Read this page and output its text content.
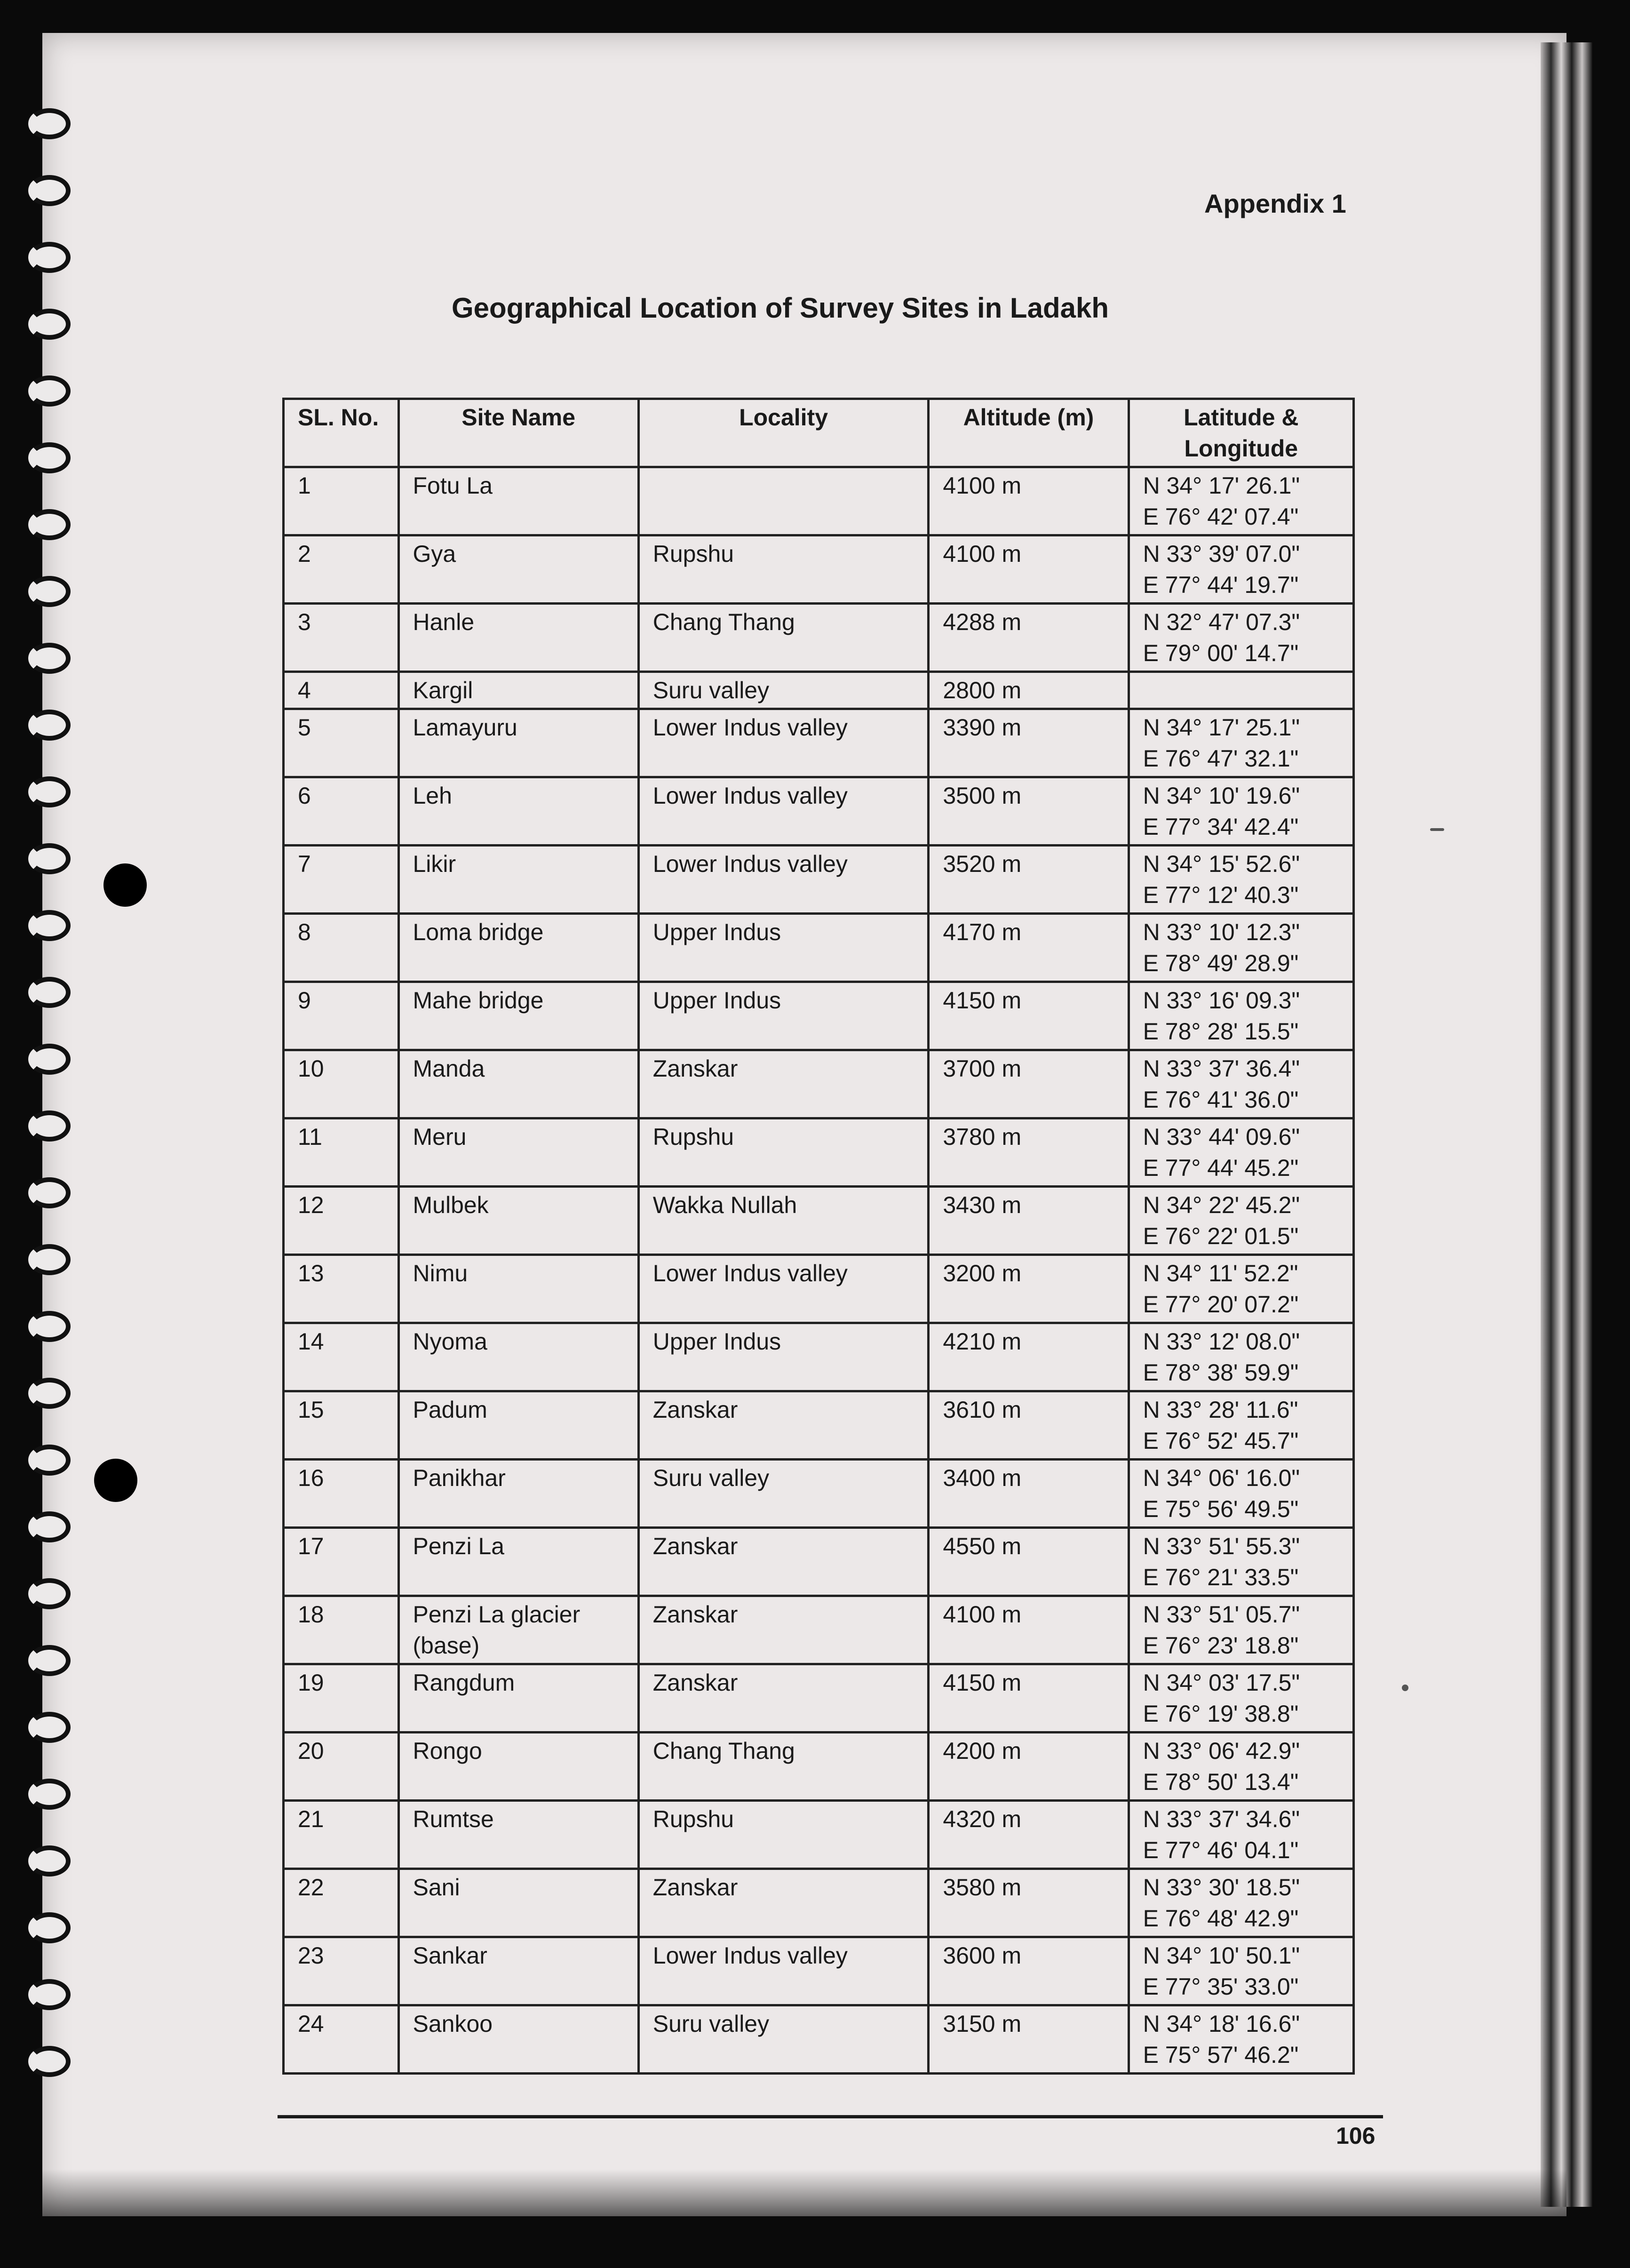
Appendix 1
Geographical Location of Survey Sites in Ladakh
SL. No.	Site Name	Locality	Altitude (m)	Latitude &
Longitude
1	Fotu La		4100 m	N 34° 17' 26.1"
E 76° 42' 07.4"
2	Gya	Rupshu	4100 m	N 33° 39' 07.0"
E 77° 44' 19.7"
3	Hanle	Chang Thang	4288 m	N 32° 47' 07.3"
E 79° 00' 14.7"
4	Kargil	Suru valley	2800 m	
5	Lamayuru	Lower Indus valley	3390 m	N 34° 17' 25.1"
E 76° 47' 32.1"
6	Leh	Lower Indus valley	3500 m	N 34° 10' 19.6"
E 77° 34' 42.4"
7	Likir	Lower Indus valley	3520 m	N 34° 15' 52.6"
E 77° 12' 40.3"
8	Loma bridge	Upper Indus	4170 m	N 33° 10' 12.3"
E 78° 49' 28.9"
9	Mahe bridge	Upper Indus	4150 m	N 33° 16' 09.3"
E 78° 28' 15.5"
10	Manda	Zanskar	3700 m	N 33° 37' 36.4"
E 76° 41' 36.0"
11	Meru	Rupshu	3780 m	N 33° 44' 09.6"
E 77° 44' 45.2"
12	Mulbek	Wakka Nullah	3430 m	N 34° 22' 45.2"
E 76° 22' 01.5"
13	Nimu	Lower Indus valley	3200 m	N 34° 11' 52.2"
E 77° 20' 07.2"
14	Nyoma	Upper Indus	4210 m	N 33° 12' 08.0"
E 78° 38' 59.9"
15	Padum	Zanskar	3610 m	N 33° 28' 11.6"
E 76° 52' 45.7"
16	Panikhar	Suru valley	3400 m	N 34° 06' 16.0"
E 75° 56' 49.5"
17	Penzi La	Zanskar	4550 m	N 33° 51' 55.3"
E 76° 21' 33.5"
18	Penzi La glacier
(base)	Zanskar	4100 m	N 33° 51' 05.7"
E 76° 23' 18.8"
19	Rangdum	Zanskar	4150 m	N 34° 03' 17.5"
E 76° 19' 38.8"
20	Rongo	Chang Thang	4200 m	N 33° 06' 42.9"
E 78° 50' 13.4"
21	Rumtse	Rupshu	4320 m	N 33° 37' 34.6"
E 77° 46' 04.1"
22	Sani	Zanskar	3580 m	N 33° 30' 18.5"
E 76° 48' 42.9"
23	Sankar	Lower Indus valley	3600 m	N 34° 10' 50.1"
E 77° 35' 33.0"
24	Sankoo	Suru valley	3150 m	N 34° 18' 16.6"
E 75° 57' 46.2"
106
